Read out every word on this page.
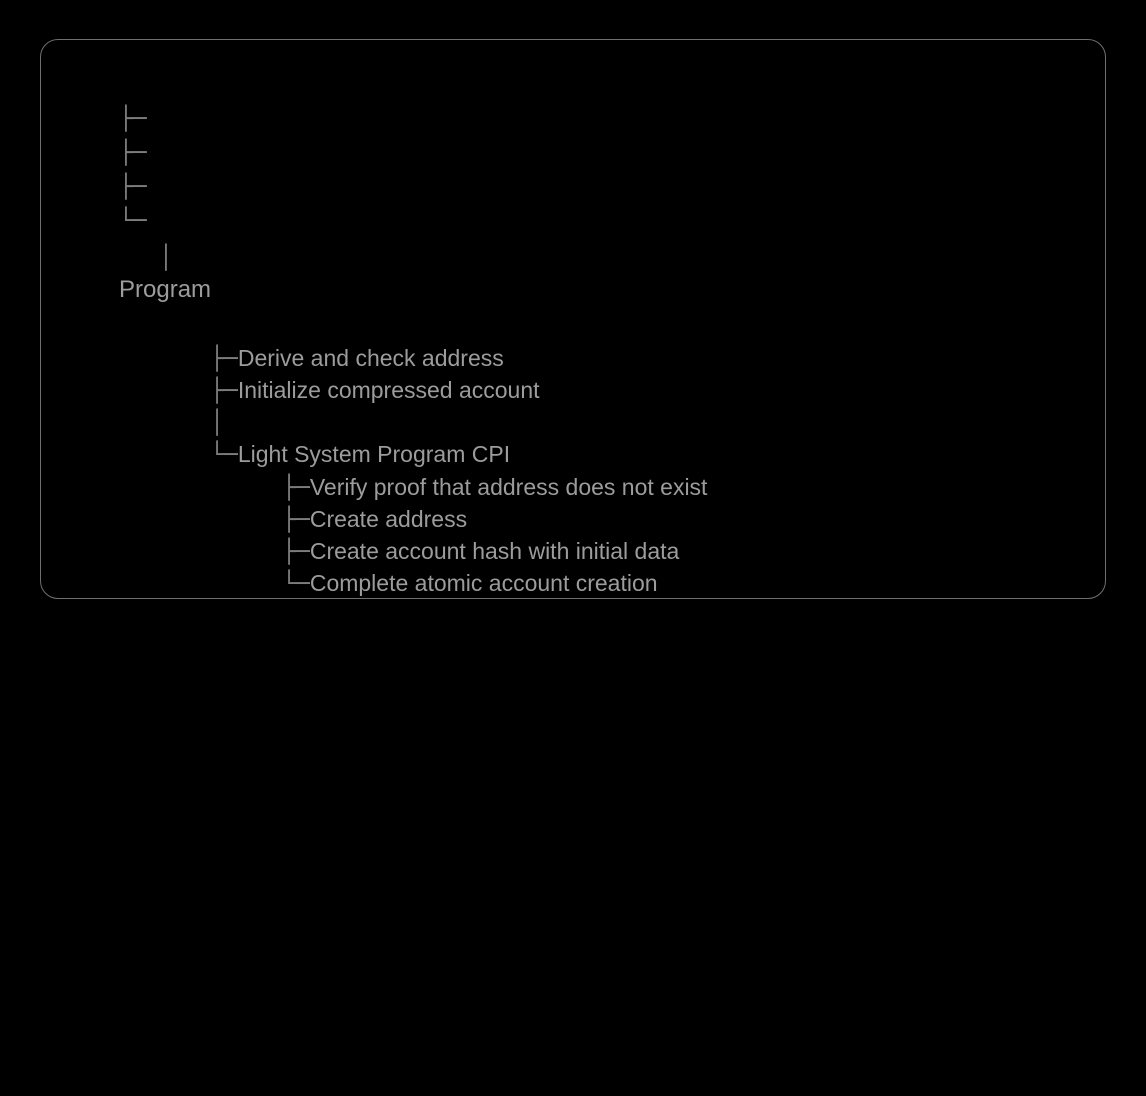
├─

├─

├─

└─

│

Program

├─Derive and check address

├─Initialize compressed account

│

└─Light System Program CPI

├─Verify proof that address does not exist

├─Create address

├─Create account hash with initial data

└─Complete atomic account creation
